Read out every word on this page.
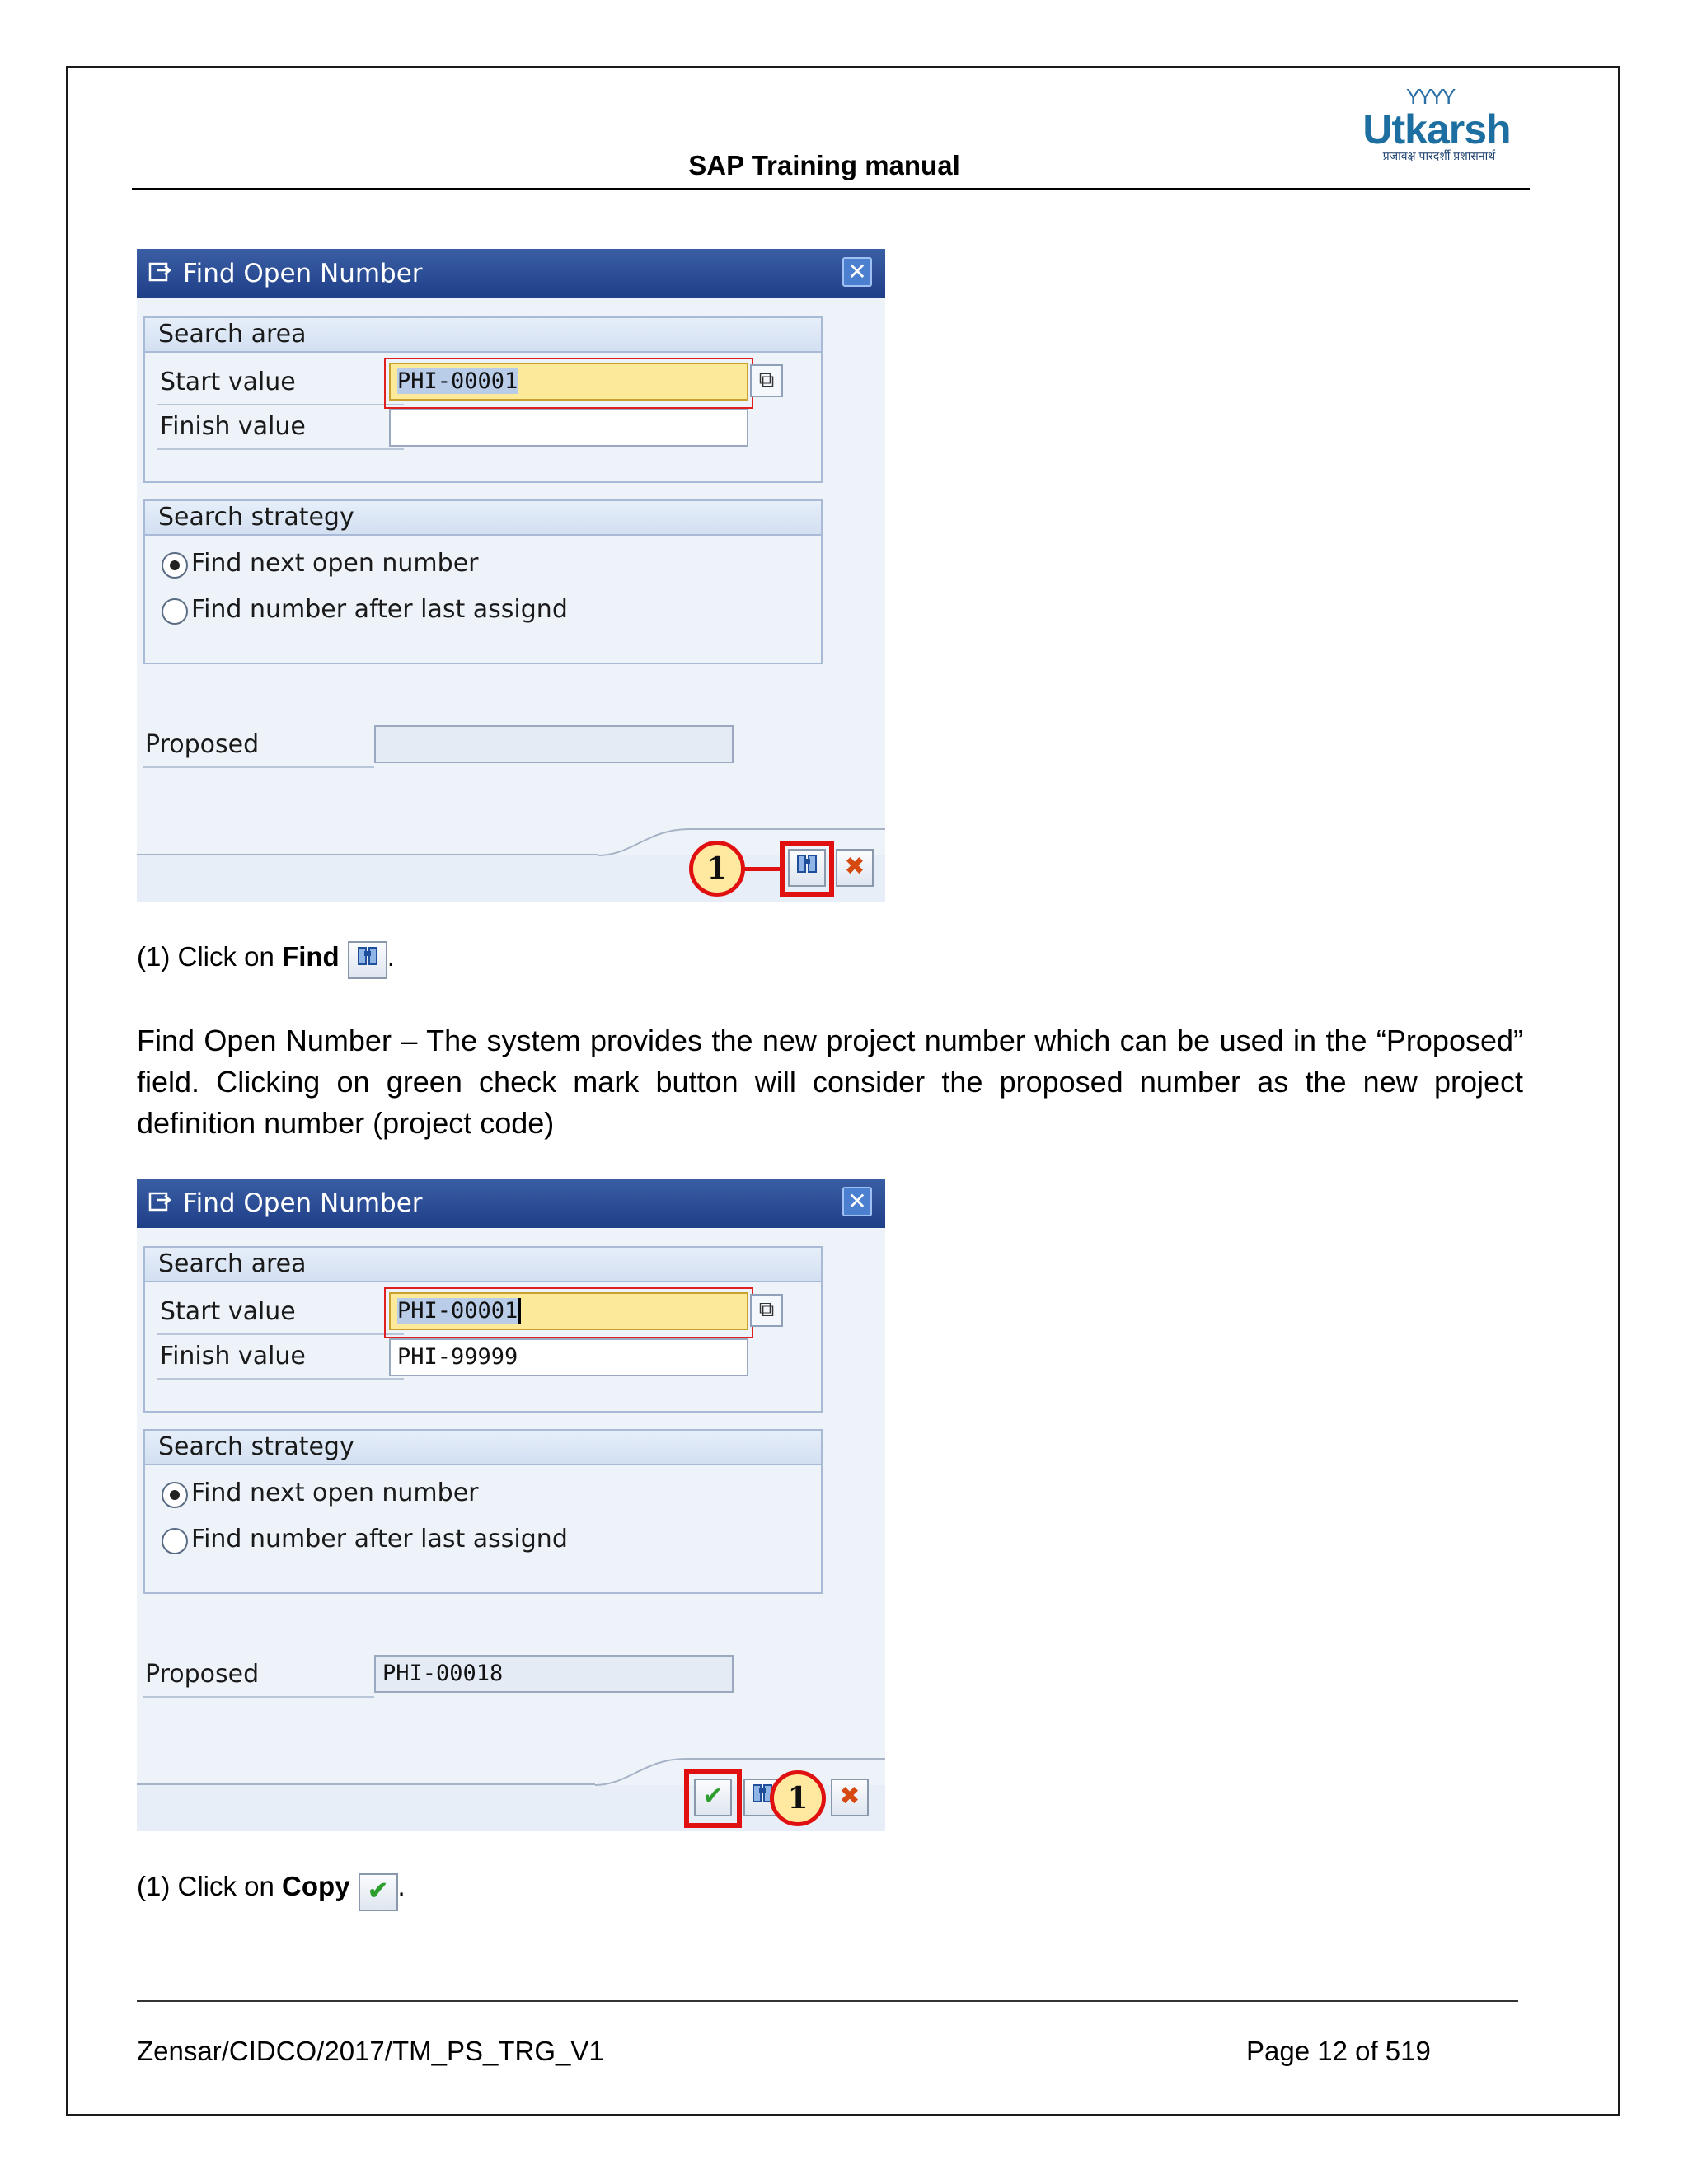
ΥΥΥΥ
Utkarsh
प्रजावक्ष पारदर्शी प्रशासनार्थ
SAP Training manual
Find Open Number	✕
Search area
Start value	PHI-00001	⧉
Finish value
Search strategy
Find next open number
Find number after last assignd
Proposed
✖
1
(1) Click on Find .
Find Open Number – The system provides the new project number which can be used in the “Proposed” field. Clicking on green check mark button will consider the proposed number as the new project definition number (project code)
Find Open Number	✕
Search area
Start value	PHI-00001	⧉
Finish value	PHI-99999
Search strategy
Find next open number
Find number after last assignd
Proposed	PHI-00018
✔	✖
1
(1) Click on Copy ✔ .
Zensar/CIDCO/2017/TM_PS_TRG_V1	Page 12 of 519
